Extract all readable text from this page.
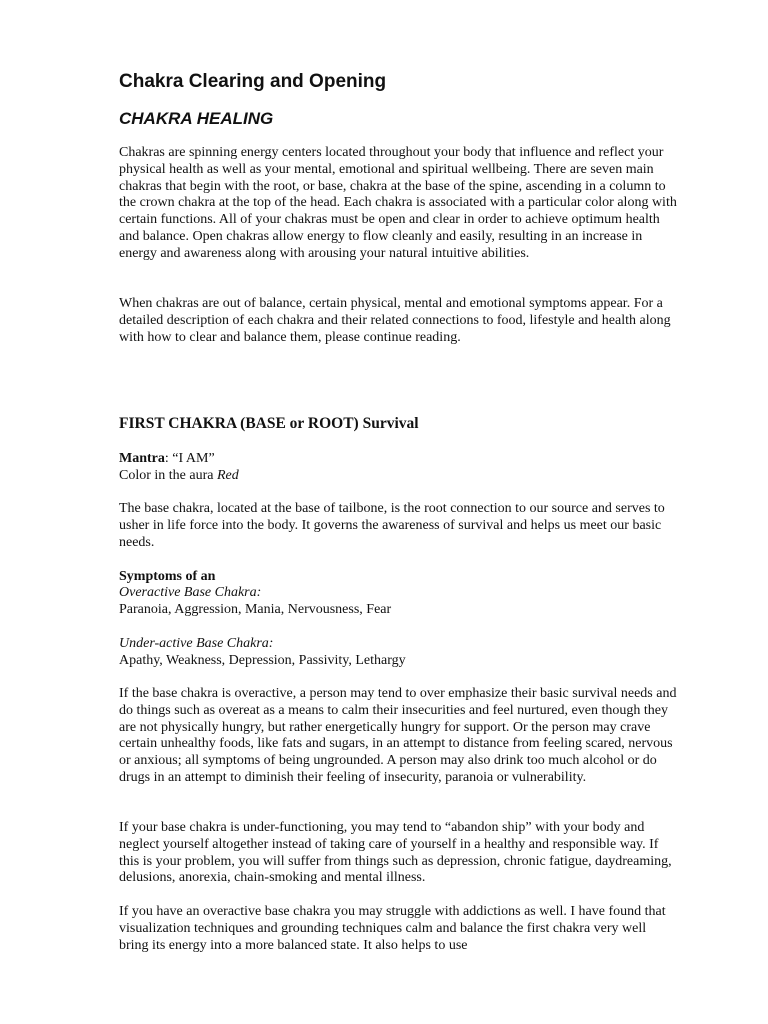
Chakra Clearing and Opening
CHAKRA HEALING

Chakras are spinning energy centers located throughout your body that influence and reflect your physical health as well as your mental, emotional and spiritual wellbeing. There are seven main chakras that begin with the root, or base, chakra at the base of the spine, ascending in a column to the crown chakra at the top of the head. Each chakra is associated with a particular color along with certain functions. All of your chakras must be open and clear in order to achieve optimum health and balance. Open chakras allow energy to flow cleanly and easily, resulting in an increase in energy and awareness along with arousing your natural intuitive abilities.

When chakras are out of balance, certain physical, mental and emotional symptoms appear. For a detailed description of each chakra and their related connections to food, lifestyle and health along with how to clear and balance them, please continue reading.

FIRST CHAKRA (BASE or ROOT) Survival
Mantra: “I AM”
Color in the aura Red

The base chakra, located at the base of tailbone, is the root connection to our source and serves to usher in life force into the body. It governs the awareness of survival and helps us meet our basic needs.

Symptoms of an
Overactive Base Chakra:
Paranoia, Aggression, Mania, Nervousness, Fear
Under-active Base Chakra:
Apathy, Weakness, Depression, Passivity, Lethargy

If the base chakra is overactive, a person may tend to over emphasize their basic survival needs and do things such as overeat as a means to calm their insecurities and feel nurtured, even though they are not physically hungry, but rather energetically hungry for support. Or the person may crave certain unhealthy foods, like fats and sugars, in an attempt to distance from feeling scared, nervous or anxious; all symptoms of being ungrounded. A person may also drink too much alcohol or do drugs in an attempt to diminish their feeling of insecurity, paranoia or vulnerability.

If your base chakra is under-functioning, you may tend to “abandon ship” with your body and neglect yourself altogether instead of taking care of yourself in a healthy and responsible way. If this is your problem, you will suffer from things such as depression, chronic fatigue, daydreaming, delusions, anorexia, chain-smoking and mental illness.

If you have an overactive base chakra you may struggle with addictions as well. I have found that visualization techniques and grounding techniques calm and balance the first chakra very well bring its energy into a more balanced state. It also helps to use
